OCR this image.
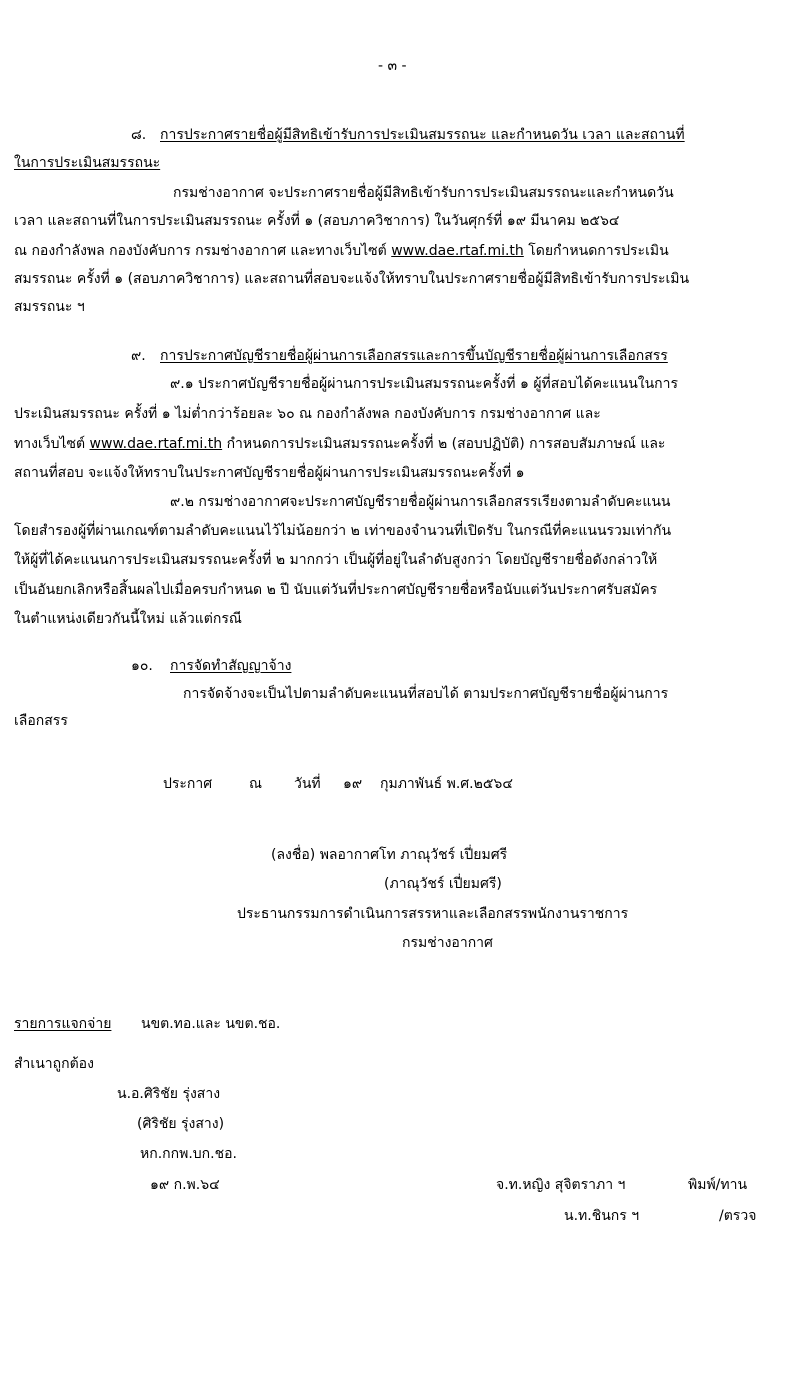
- ๓ -
๘. การประกาศรายชื่อผู้มีสิทธิเข้ารับการประเมินสมรรถนะ และกำหนดวัน เวลา และสถานที่
ในการประเมินสมรรถนะ
กรมช่างอากาศ จะประกาศรายชื่อผู้มีสิทธิเข้ารับการประเมินสมรรถนะและกำหนดวัน
เวลา และสถานที่ในการประเมินสมรรถนะ ครั้งที่ ๑ (สอบภาควิชาการ) ในวันศุกร์ที่ ๑๙ มีนาคม ๒๕๖๔
ณ กองกำลังพล กองบังคับการ กรมช่างอากาศ และทางเว็บไซต์ www.dae.rtaf.mi.th โดยกำหนดการประเมิน
สมรรถนะ ครั้งที่ ๑ (สอบภาควิชาการ) และสถานที่สอบจะแจ้งให้ทราบในประกาศรายชื่อผู้มีสิทธิเข้ารับการประเมิน
สมรรถนะ ฯ
๙. การประกาศบัญชีรายชื่อผู้ผ่านการเลือกสรรและการขึ้นบัญชีรายชื่อผู้ผ่านการเลือกสรร
๙.๑ ประกาศบัญชีรายชื่อผู้ผ่านการประเมินสมรรถนะครั้งที่ ๑ ผู้ที่สอบได้คะแนนในการ
ประเมินสมรรถนะ ครั้งที่ ๑ ไม่ต่ำกว่าร้อยละ ๖๐ ณ กองกำลังพล กองบังคับการ กรมช่างอากาศ และ
ทางเว็บไซต์ www.dae.rtaf.mi.th กำหนดการประเมินสมรรถนะครั้งที่ ๒ (สอบปฏิบัติ) การสอบสัมภาษณ์ และ
สถานที่สอบ จะแจ้งให้ทราบในประกาศบัญชีรายชื่อผู้ผ่านการประเมินสมรรถนะครั้งที่ ๑
๙.๒ กรมช่างอากาศจะประกาศบัญชีรายชื่อผู้ผ่านการเลือกสรรเรียงตามลำดับคะแนน
โดยสำรองผู้ที่ผ่านเกณฑ์ตามลำดับคะแนนไว้ไม่น้อยกว่า ๒ เท่าของจำนวนที่เปิดรับ ในกรณีที่คะแนนรวมเท่ากัน
ให้ผู้ที่ได้คะแนนการประเมินสมรรถนะครั้งที่ ๒ มากกว่า เป็นผู้ที่อยู่ในลำดับสูงกว่า โดยบัญชีรายชื่อดังกล่าวให้
เป็นอันยกเลิกหรือสิ้นผลไปเมื่อครบกำหนด ๒ ปี นับแต่วันที่ประกาศบัญชีรายชื่อหรือนับแต่วันประกาศรับสมัคร
ในตำแหน่งเดียวกันนี้ใหม่ แล้วแต่กรณี
๑๐. การจัดทำสัญญาจ้าง
การจัดจ้างจะเป็นไปตามลำดับคะแนนที่สอบได้ ตามประกาศบัญชีรายชื่อผู้ผ่านการ
เลือกสรร
ประกาศ	ณ วันที่ ๑๙ กุมภาพันธ์ พ.ศ.๒๕๖๔
(ลงชื่อ) พลอากาศโท ภาณุวัชร์ เปี่ยมศรี
(ภาณุวัชร์ เปี่ยมศรี)
ประธานกรรมการดำเนินการสรรหาและเลือกสรรพนักงานราชการ
กรมช่างอากาศ
รายการแจกจ่าย นขต.ทอ.และ นขต.ชอ.
สำเนาถูกต้อง
น.อ.ศิริชัย รุ่งสาง
(ศิริชัย รุ่งสาง)
หก.กกพ.บก.ชอ.
๑๙ ก.พ.๖๔	จ.ท.หญิง สุจิตราภา ฯ	พิมพ์/ทาน
น.ท.ชินกร ฯ	/ตรวจ
